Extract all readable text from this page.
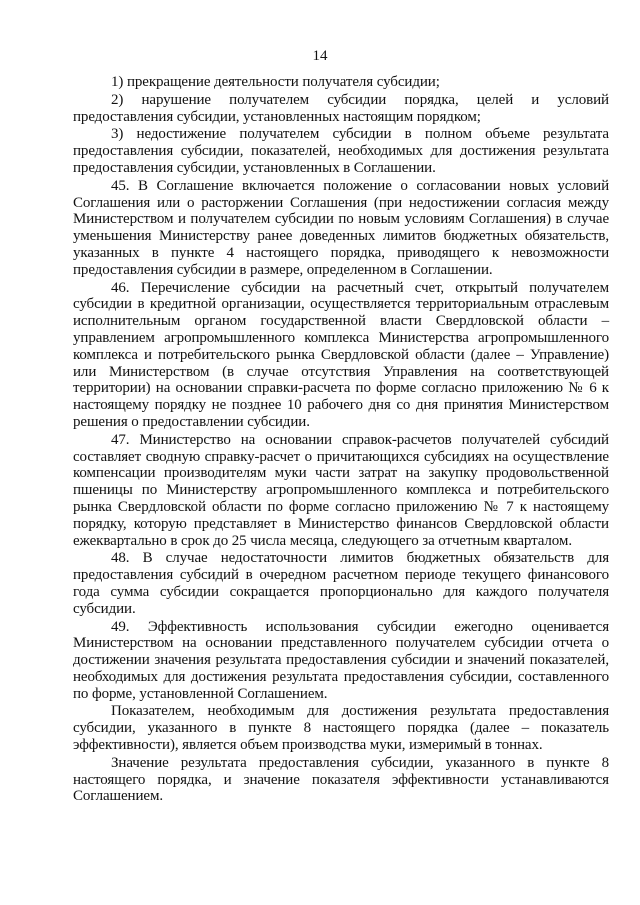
14

1) прекращение деятельности получателя субсидии;

2) нарушение получателем субсидии порядка, целей и условий предоставления субсидии, установленных настоящим порядком;

3) недостижение получателем субсидии в полном объеме результата предоставления субсидии, показателей, необходимых для достижения результата предоставления субсидии, установленных в Соглашении.

45. В Соглашение включается положение о согласовании новых условий Соглашения или о расторжении Соглашения (при недостижении согласия между Министерством и получателем субсидии по новым условиям Соглашения) в случае уменьшения Министерству ранее доведенных лимитов бюджетных обязательств, указанных в пункте 4 настоящего порядка, приводящего к невозможности предоставления субсидии в размере, определенном в Соглашении.

46. Перечисление субсидии на расчетный счет, открытый получателем субсидии в кредитной организации, осуществляется территориальным отраслевым исполнительным органом государственной власти Свердловской области – управлением агропромышленного комплекса Министерства агропромышленного комплекса и потребительского рынка Свердловской области (далее – Управление) или Министерством (в случае отсутствия Управления на соответствующей территории) на основании справки-расчета по форме согласно приложению № 6 к настоящему порядку не позднее 10 рабочего дня со дня принятия Министерством решения о предоставлении субсидии.

47. Министерство на основании справок-расчетов получателей субсидий составляет сводную справку-расчет о причитающихся субсидиях на осуществление компенсации производителям муки части затрат на закупку продовольственной пшеницы по Министерству агропромышленного комплекса и потребительского рынка Свердловской области по форме согласно приложению № 7 к настоящему порядку, которую представляет в Министерство финансов Свердловской области ежеквартально в срок до 25 числа месяца, следующего за отчетным кварталом.

48. В случае недостаточности лимитов бюджетных обязательств для предоставления субсидий в очередном расчетном периоде текущего финансового года сумма субсидии сокращается пропорционально для каждого получателя субсидии.

49. Эффективность использования субсидии ежегодно оценивается Министерством на основании представленного получателем субсидии отчета о достижении значения результата предоставления субсидии и значений показателей, необходимых для достижения результата предоставления субсидии, составленного по форме, установленной Соглашением.

Показателем, необходимым для достижения результата предоставления субсидии, указанного в пункте 8 настоящего порядка (далее – показатель эффективности), является объем производства муки, измеримый в тоннах.

Значение результата предоставления субсидии, указанного в пункте 8 настоящего порядка, и значение показателя эффективности устанавливаются Соглашением.
